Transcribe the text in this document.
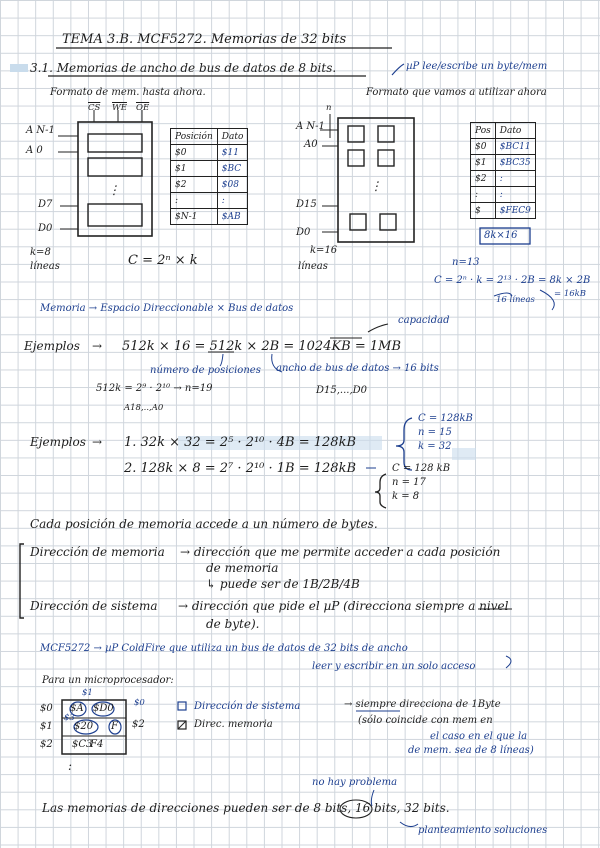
TEMA 3.B. MCF5272. Memorias de 32 bits
3.1. Memorias de ancho de bus de datos de 8 bits.	µP lee/escribe un byte/mem
Formato de mem. hasta ahora.	Formato que vamos a utilizar ahora
$\overline{CS}$ $\overline{WE}$ $\overline{OE}$
A N-1
A 0
D7
D0
⋮
k=8
líneas	C = 2ⁿ × k
Posición	Dato
$0	$11
$1	$BC
$2	$08
:	:
$N-1	$AB
n
A N-1
A0
D15
D0
⋮
k=16
líneas
Pos	Dato
$0	$BC11
$1	$BC35
$2	:
:	:
$	$FEC9
8k×16
n=13
C = 2ⁿ · k = 2¹³ · 2B = 8k × 2B
16 líneas
= 16kB
Memoria → Espacio Direccionable × Bus de datos
capacidad
Ejemplos → 512k × 16 = 512k × 2B = 1024KB = 1MB
número de posiciones ancho de bus de datos → 16 bits
512k = 2⁹ · 2¹⁰ → n=19	D15,...,D0
A18,..,A0
Ejemplos → 1. 32k × 32 = 2⁵ · 2¹⁰ · 4B = 128kB
C = 128kB
n = 15
k = 32
2. 128k × 8 = 2⁷ · 2¹⁰ · 1B = 128kB	C = 128 kB
n = 17
k = 8
Cada posición de memoria accede a un número de bytes.
Dirección de memoria → dirección que me permite acceder a cada posición
de memoria
↳ puede ser de 1B/2B/4B
Dirección de sistema → dirección que pide el µP (direcciona siempre a nivel
de byte).
MCF5272 → µP ColdFire que utiliza un bus de datos de 32 bits de ancho
leer y escribir en un solo acceso
Para un microprocesador:
$1
$0 $A $D0
$1 $20 F
$2 $C3
F4
$0
$3
$2
:
Dirección de sistema
Direc. memoria
→ siempre direcciona de 1Byte
(sólo coincide con mem en
el caso en el que la
de mem. sea de 8 líneas)
no hay problema
Las memorias de direcciones pueden ser de 8 bits, 16 bits, 32 bits.
planteamiento soluciones
